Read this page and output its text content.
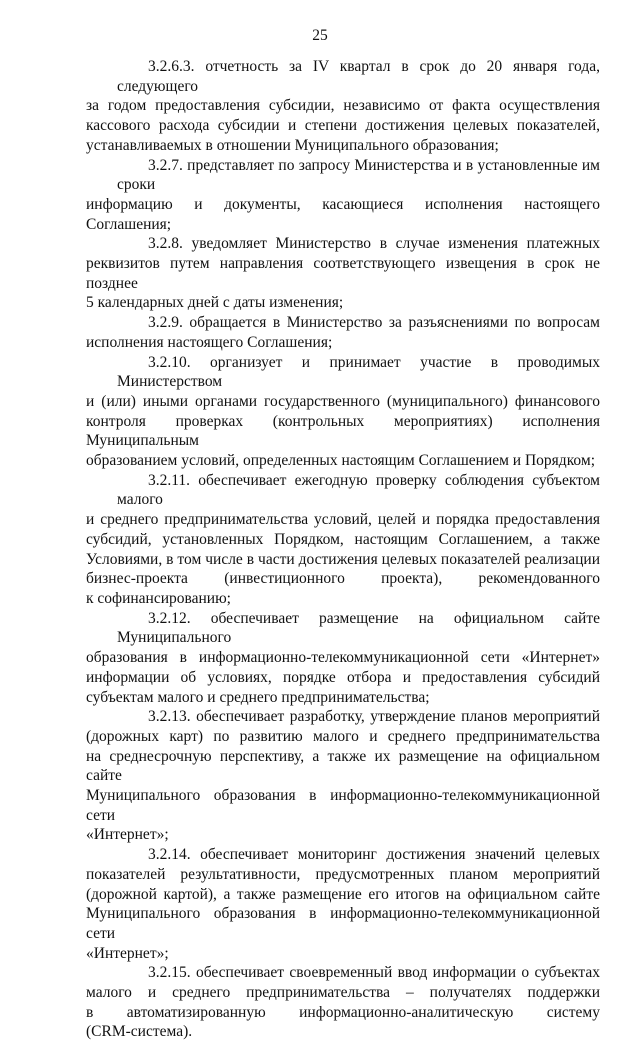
25

3.2.6.3. отчетность за IV квартал в срок до 20 января года, следующего
за годом предоставления субсидии, независимо от факта осуществления
кассового расхода субсидии и степени достижения целевых показателей,
устанавливаемых в отношении Муниципального образования;

3.2.7. представляет по запросу Министерства и в установленные им сроки
информацию и документы, касающиеся исполнения настоящего Соглашения;

3.2.8. уведомляет Министерство в случае изменения платежных
реквизитов путем направления соответствующего извещения в срок не позднее
5 календарных дней с даты изменения;

3.2.9. обращается в Министерство за разъяснениями по вопросам
исполнения настоящего Соглашения;

3.2.10. организует и принимает участие в проводимых Министерством
и (или) иными органами государственного (муниципального) финансового
контроля проверках (контрольных мероприятиях) исполнения Муниципальным
образованием условий, определенных настоящим Соглашением и Порядком;

3.2.11. обеспечивает ежегодную проверку соблюдения субъектом малого
и среднего предпринимательства условий, целей и порядка предоставления
субсидий, установленных Порядком, настоящим Соглашением, а также
Условиями, в том числе в части достижения целевых показателей реализации
бизнес-проекта (инвестиционного проекта), рекомендованного
к софинансированию;

3.2.12. обеспечивает размещение на официальном сайте Муниципального
образования в информационно-телекоммуникационной сети «Интернет»
информации об условиях, порядке отбора и предоставления субсидий
субъектам малого и среднего предпринимательства;

3.2.13. обеспечивает разработку, утверждение планов мероприятий
(дорожных карт) по развитию малого и среднего предпринимательства
на среднесрочную перспективу, а также их размещение на официальном сайте
Муниципального образования в информационно-телекоммуникационной сети
«Интернет»;

3.2.14. обеспечивает мониторинг достижения значений целевых
показателей результативности, предусмотренных планом мероприятий
(дорожной картой), а также размещение его итогов на официальном сайте
Муниципального образования в информационно-телекоммуникационной сети
«Интернет»;

3.2.15. обеспечивает своевременный ввод информации о субъектах
малого и среднего предпринимательства – получателях поддержки
в автоматизированную информационно-аналитическую систему
(CRM-система).
